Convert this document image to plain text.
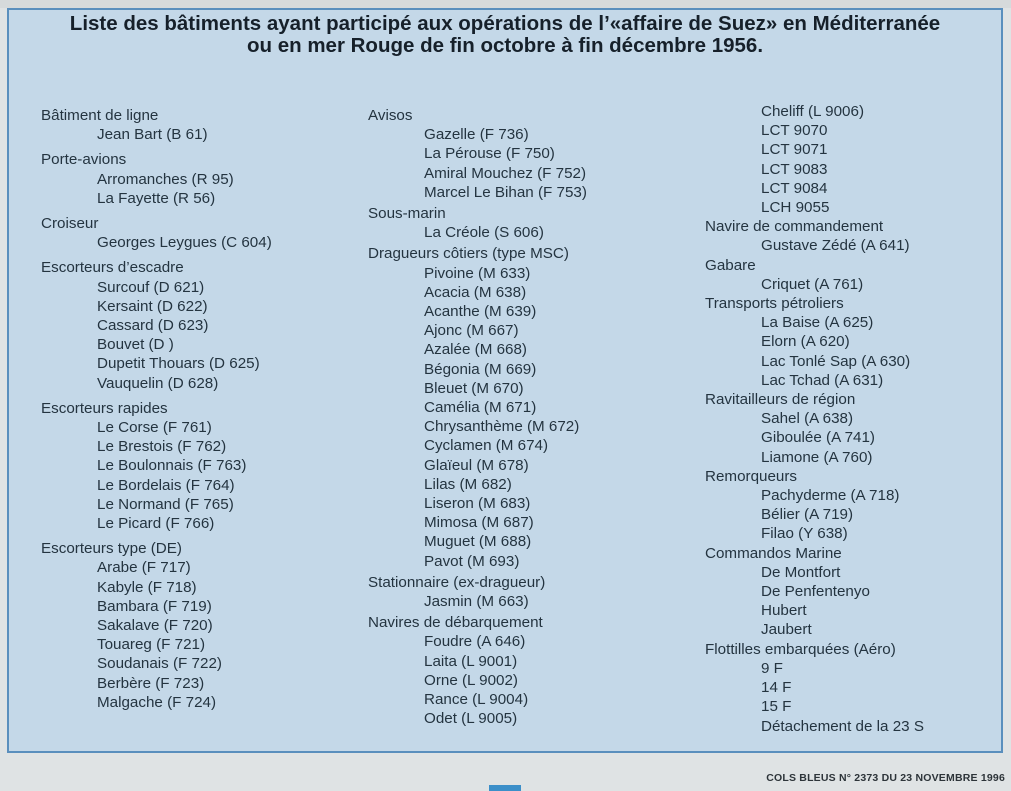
Liste des bâtiments ayant participé aux opérations de l’«affaire de Suez» en Méditerranée
ou en mer Rouge de fin octobre à fin décembre 1956.
Bâtiment de ligne
Jean Bart (B 61)
Porte-avions
Arromanches (R 95)
La Fayette (R 56)
Croiseur
Georges Leygues (C 604)
Escorteurs d’escadre
Surcouf (D 621)
Kersaint (D 622)
Cassard (D 623)
Bouvet (D )
Dupetit Thouars (D 625)
Vauquelin (D 628)
Escorteurs rapides
Le Corse (F 761)
Le Brestois (F 762)
Le Boulonnais (F 763)
Le Bordelais (F 764)
Le Normand (F 765)
Le Picard (F 766)
Escorteurs type (DE)
Arabe (F 717)
Kabyle (F 718)
Bambara (F 719)
Sakalave (F 720)
Touareg (F 721)
Soudanais (F 722)
Berbère (F 723)
Malgache (F 724)
Avisos
Gazelle (F 736)
La Pérouse (F 750)
Amiral Mouchez (F 752)
Marcel Le Bihan (F 753)
Sous-marin
La Créole (S 606)
Dragueurs côtiers (type MSC)
Pivoine (M 633)
Acacia (M 638)
Acanthe (M 639)
Ajonc (M 667)
Azalée (M 668)
Bégonia (M 669)
Bleuet (M 670)
Camélia (M 671)
Chrysanthème (M 672)
Cyclamen (M 674)
Glaïeul (M 678)
Lilas (M 682)
Liseron (M 683)
Mimosa (M 687)
Muguet (M 688)
Pavot (M 693)
Stationnaire (ex-dragueur)
Jasmin (M 663)
Navires de débarquement
Foudre (A 646)
Laita (L 9001)
Orne (L 9002)
Rance (L 9004)
Odet (L 9005)
Cheliff (L 9006)
LCT 9070
LCT 9071
LCT 9083
LCT 9084
LCH 9055
Navire de commandement
Gustave Zédé (A 641)
Gabare
Criquet (A 761)
Transports pétroliers
La Baise (A 625)
Elorn (A 620)
Lac Tonlé Sap (A 630)
Lac Tchad (A 631)
Ravitailleurs de région
Sahel (A 638)
Giboulée (A 741)
Liamone (A 760)
Remorqueurs
Pachyderme (A 718)
Bélier (A 719)
Filao (Y 638)
Commandos Marine
De Montfort
De Penfentenyo
Hubert
Jaubert
Flottilles embarquées (Aéro)
9 F
14 F
15 F
Détachement de la 23 S
COLS BLEUS N° 2373 DU 23 NOVEMBRE 1996
